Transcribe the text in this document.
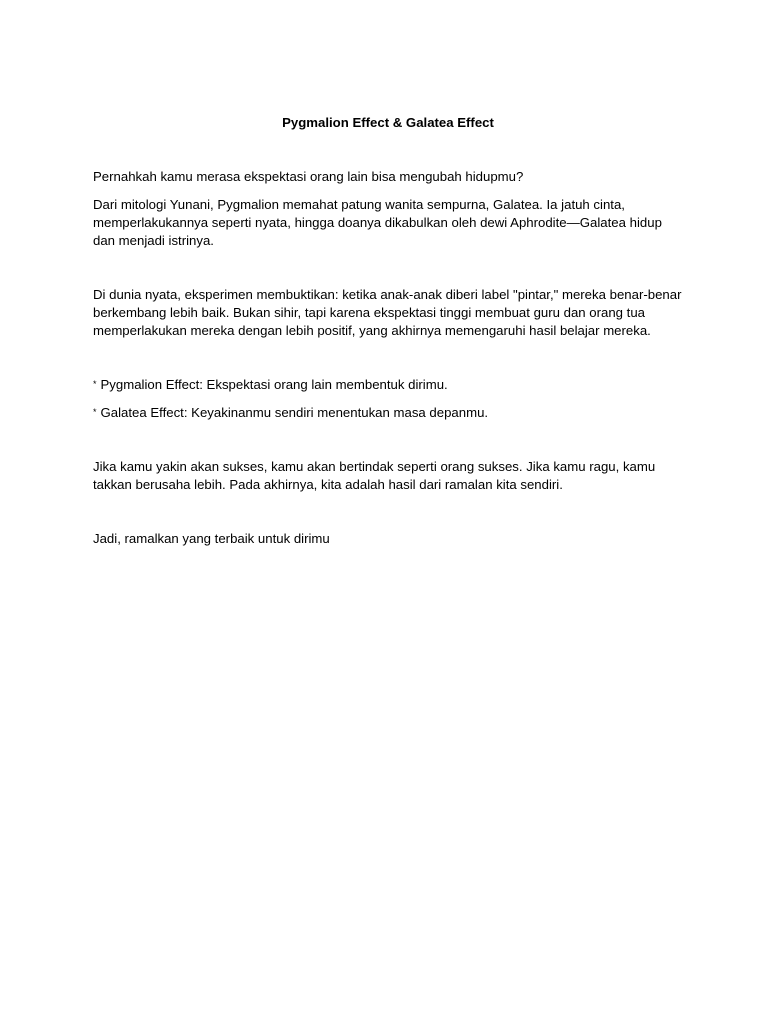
Pygmalion Effect & Galatea Effect

Pernahkah kamu merasa ekspektasi orang lain bisa mengubah hidupmu?

Dari mitologi Yunani, Pygmalion memahat patung wanita sempurna, Galatea. Ia jatuh cinta, memperlakukannya seperti nyata, hingga doanya dikabulkan oleh dewi Aphrodite—Galatea hidup dan menjadi istrinya.

Di dunia nyata, eksperimen membuktikan: ketika anak-anak diberi label "pintar," mereka benar-benar berkembang lebih baik. Bukan sihir, tapi karena ekspektasi tinggi membuat guru dan orang tua memperlakukan mereka dengan lebih positif, yang akhirnya memengaruhi hasil belajar mereka.

* Pygmalion Effect: Ekspektasi orang lain membentuk dirimu.

* Galatea Effect: Keyakinanmu sendiri menentukan masa depanmu.

Jika kamu yakin akan sukses, kamu akan bertindak seperti orang sukses. Jika kamu ragu, kamu takkan berusaha lebih. Pada akhirnya, kita adalah hasil dari ramalan kita sendiri.

Jadi, ramalkan yang terbaik untuk dirimu
